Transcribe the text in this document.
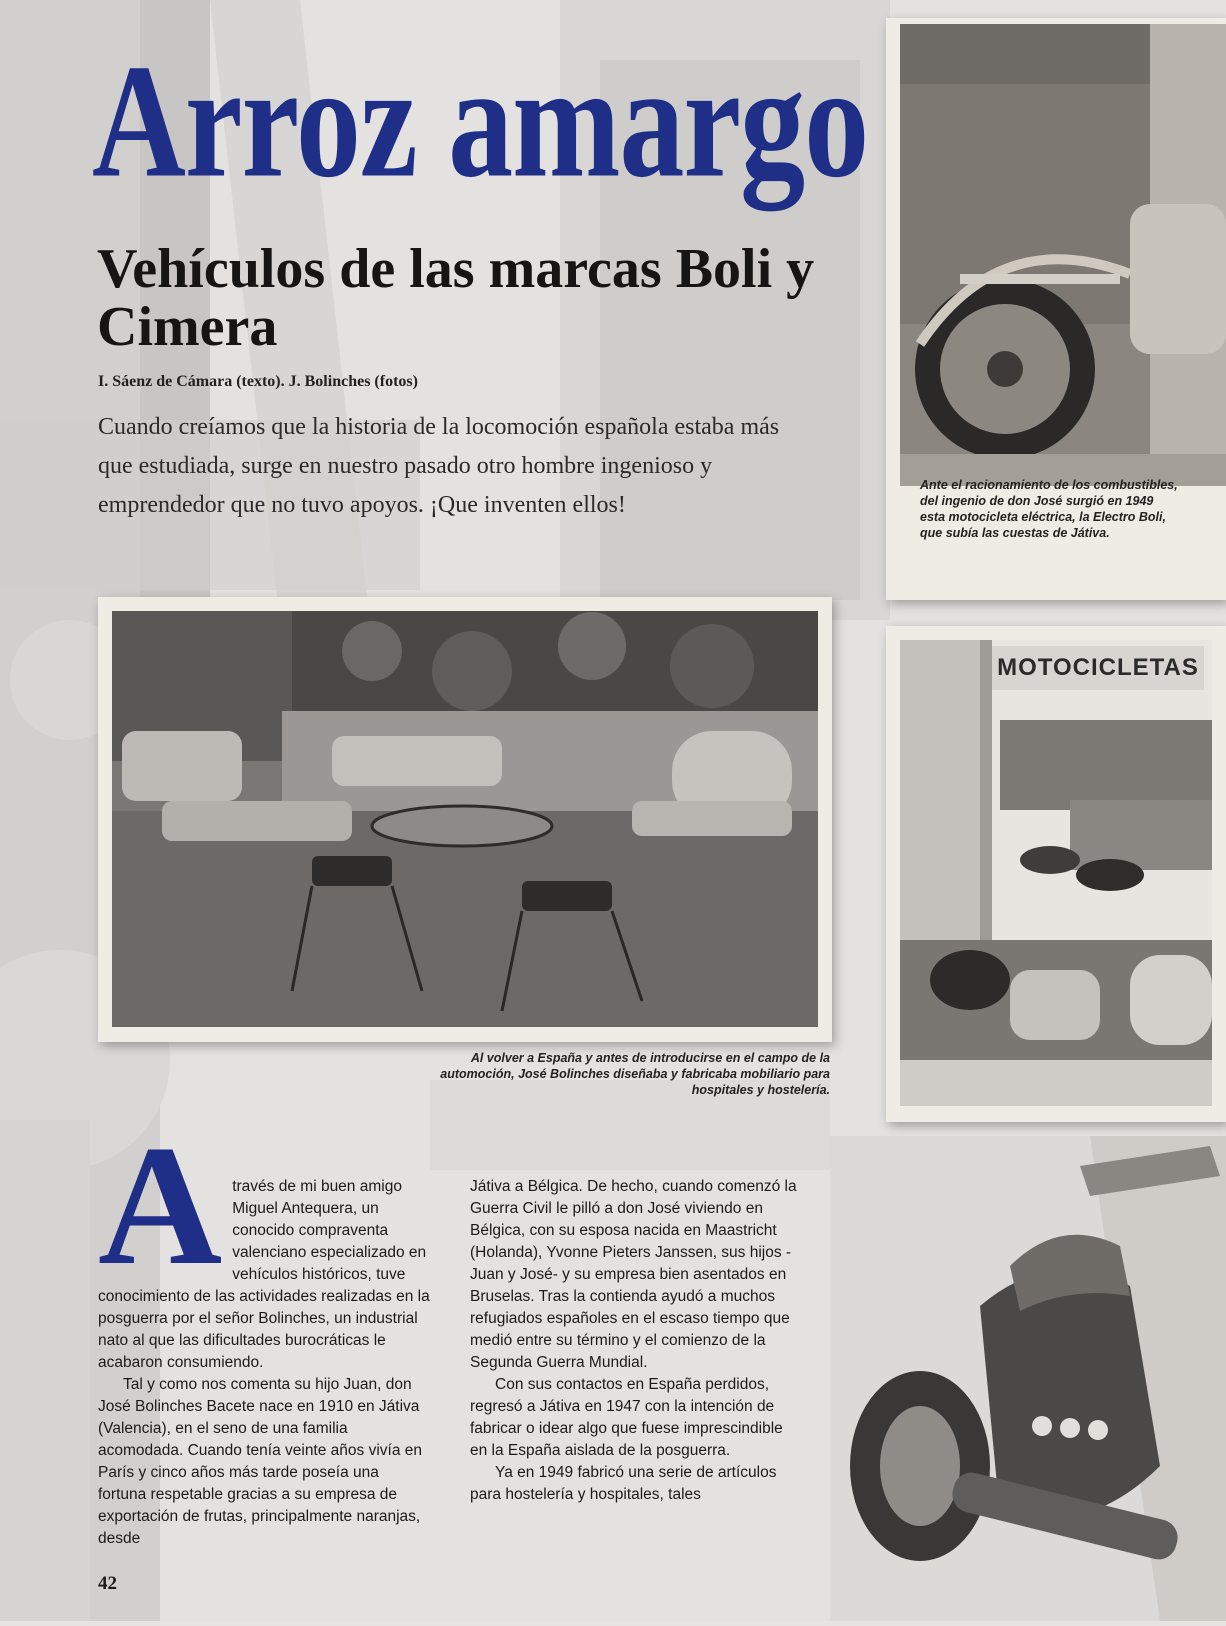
Arroz amargo
Vehículos de las marcas Boli y Cimera

I. Sáenz de Cámara (texto). J. Bolinches (fotos)

Cuando creíamos que la historia de la locomoción española estaba más que estudiada, surge en nuestro pasado otro hombre ingenioso y emprendedor que no tuvo apoyos. ¡Que inventen ellos!

Ante el racionamiento de los combustibles, del ingenio de don José surgió en 1949 esta motocicleta eléctrica, la Electro Boli, que subía las cuestas de Játiva.

Al volver a España y antes de introducirse en el campo de la automoción, José Bolinches diseñaba y fabricaba mobiliario para hospitales y hostelería.

MOTOCICLETAS
A través de mi buen amigo Miguel Antequera, un conocido compraventa valenciano especializado en vehículos históricos, tuve conocimiento de las actividades realizadas en la posguerra por el señor Bolinches, un industrial nato al que las dificultades burocráticas le acabaron consumiendo.

Tal y como nos comenta su hijo Juan, don José Bolinches Bacete nace en 1910 en Játiva (Valencia), en el seno de una familia acomodada. Cuando tenía veinte años vivía en París y cinco años más tarde poseía una fortuna respetable gracias a su empresa de exportación de frutas, principalmente naranjas, desde

Játiva a Bélgica. De hecho, cuando comenzó la Guerra Civil le pilló a don José viviendo en Bélgica, con su esposa nacida en Maastricht (Holanda), Yvonne Pieters Janssen, sus hijos -Juan y José- y su empresa bien asentados en Bruselas. Tras la contienda ayudó a muchos refugiados españoles en el escaso tiempo que medió entre su término y el comienzo de la Segunda Guerra Mundial.

Con sus contactos en España perdidos, regresó a Játiva en 1947 con la intención de fabricar o idear algo que fuese imprescindible en la España aislada de la posguerra.

Ya en 1949 fabricó una serie de artículos para hostelería y hospitales, tales

42
